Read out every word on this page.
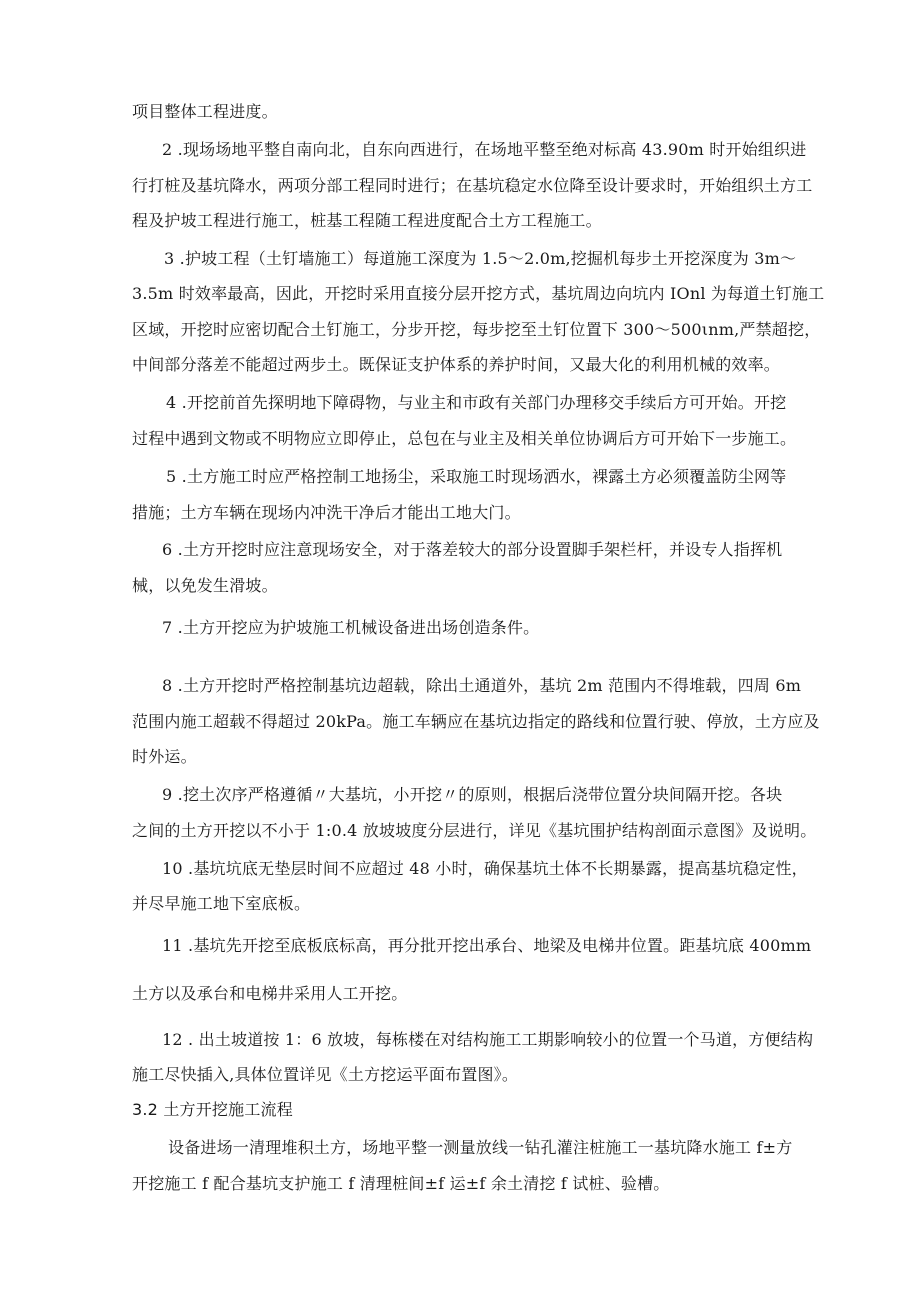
项目整体工程进度。
2 .现场场地平整自南向北，自东向西进行，在场地平整至绝对标高 43.90m 时开始组织进
行打桩及基坑降水，两项分部工程同时进行；在基坑稳定水位降至设计要求时，开始组织土方工
程及护坡工程进行施工，桩基工程随工程进度配合土方工程施工。
3 .护坡工程（土钉墙施工）每道施工深度为 1.5～2.0m,挖掘机每步土开挖深度为 3m～
3.5m 时效率最高，因此，开挖时采用直接分层开挖方式，基坑周边向坑内 IOnl 为每道土钉施工
区域，开挖时应密切配合土钉施工，分步开挖，每步挖至土钉位置下 300～500ιnm,严禁超挖，
中间部分落差不能超过两步土。既保证支护体系的养护时间，又最大化的利用机械的效率。
4 .开挖前首先探明地下障碍物，与业主和市政有关部门办理移交手续后方可开始。开挖
过程中遇到文物或不明物应立即停止，总包在与业主及相关单位协调后方可开始下一步施工。
5 .土方施工时应严格控制工地扬尘，采取施工时现场洒水，裸露土方必须覆盖防尘网等
措施；土方车辆在现场内冲洗干净后才能出工地大门。
6 .土方开挖时应注意现场安全，对于落差较大的部分设置脚手架栏杆，并设专人指挥机
械，以免发生滑坡。
7 .土方开挖应为护坡施工机械设备进出场创造条件。
8 .土方开挖时严格控制基坑边超载，除出土通道外，基坑 2m 范围内不得堆载，四周 6m
范围内施工超载不得超过 20kPa。施工车辆应在基坑边指定的路线和位置行驶、停放，土方应及
时外运。
9 .挖土次序严格遵循〃大基坑，小开挖〃的原则，根据后浇带位置分块间隔开挖。各块
之间的土方开挖以不小于 1:0.4 放坡坡度分层进行，详见《基坑围护结构剖面示意图》及说明。
10 .基坑坑底无垫层时间不应超过 48 小时，确保基坑土体不长期暴露，提高基坑稳定性，
并尽早施工地下室底板。
11 .基坑先开挖至底板底标高，再分批开挖出承台、地梁及电梯井位置。距基坑底 400mm
土方以及承台和电梯井采用人工开挖。
12 . 出土坡道按 1：6 放坡，每栋楼在对结构施工工期影响较小的位置一个马道，方便结构
施工尽快插入,具体位置详见《土方挖运平面布置图》。
3.2 土方开挖施工流程
设备进场一清理堆积土方，场地平整一测量放线一钻孔灌注桩施工一基坑降水施工 f±方
开挖施工 f 配合基坑支护施工 f 清理桩间±f 运±f 余土清挖 f 试桩、验槽。
